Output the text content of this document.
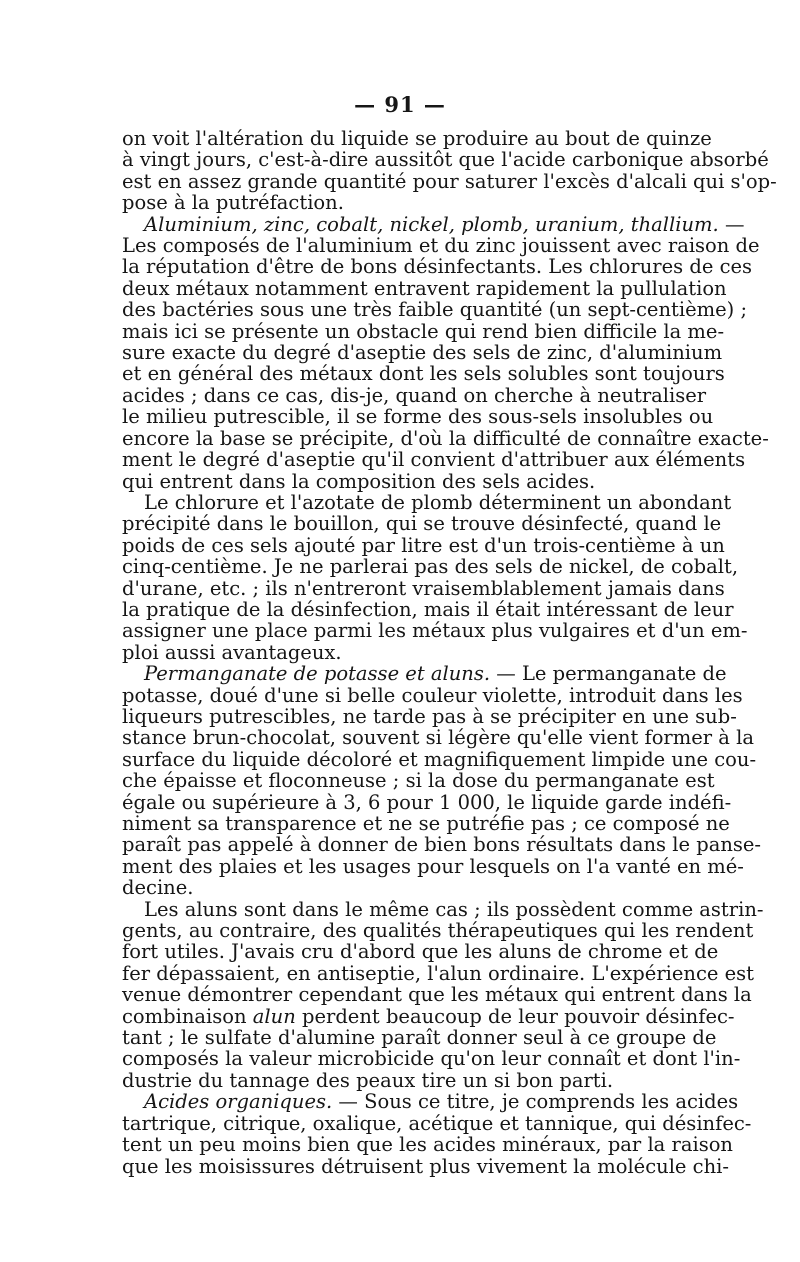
— 91 —
on voit l'altération du liquide se produire au bout de quinze
à vingt jours, c'est-à-dire aussitôt que l'acide carbonique absorbé
est en assez grande quantité pour saturer l'excès d'alcali qui s'op-
pose à la putréfaction.
Aluminium, zinc, cobalt, nickel, plomb, uranium, thallium. —
Les composés de l'aluminium et du zinc jouissent avec raison de
la réputation d'être de bons désinfectants. Les chlorures de ces
deux métaux notamment entravent rapidement la pullulation
des bactéries sous une très faible quantité (un sept-centième) ;
mais ici se présente un obstacle qui rend bien difficile la me-
sure exacte du degré d'aseptie des sels de zinc, d'aluminium
et en général des métaux dont les sels solubles sont toujours
acides ; dans ce cas, dis-je, quand on cherche à neutraliser
le milieu putrescible, il se forme des sous-sels insolubles ou
encore la base se précipite, d'où la difficulté de connaître exacte-
ment le degré d'aseptie qu'il convient d'attribuer aux éléments
qui entrent dans la composition des sels acides.
Le chlorure et l'azotate de plomb déterminent un abondant
précipité dans le bouillon, qui se trouve désinfecté, quand le
poids de ces sels ajouté par litre est d'un trois-centième à un
cinq-centième. Je ne parlerai pas des sels de nickel, de cobalt,
d'urane, etc. ; ils n'entreront vraisemblablement jamais dans
la pratique de la désinfection, mais il était intéressant de leur
assigner une place parmi les métaux plus vulgaires et d'un em-
ploi aussi avantageux.
Permanganate de potasse et aluns. — Le permanganate de
potasse, doué d'une si belle couleur violette, introduit dans les
liqueurs putrescibles, ne tarde pas à se précipiter en une sub-
stance brun-chocolat, souvent si légère qu'elle vient former à la
surface du liquide décoloré et magnifiquement limpide une cou-
che épaisse et floconneuse ; si la dose du permanganate est
égale ou supérieure à 3, 6 pour 1 000, le liquide garde indéfi-
niment sa transparence et ne se putréfie pas ; ce composé ne
paraît pas appelé à donner de bien bons résultats dans le panse-
ment des plaies et les usages pour lesquels on l'a vanté en mé-
decine.
Les aluns sont dans le même cas ; ils possèdent comme astrin-
gents, au contraire, des qualités thérapeutiques qui les rendent
fort utiles. J'avais cru d'abord que les aluns de chrome et de
fer dépassaient, en antiseptie, l'alun ordinaire. L'expérience est
venue démontrer cependant que les métaux qui entrent dans la
combinaison alun perdent beaucoup de leur pouvoir désinfec-
tant ; le sulfate d'alumine paraît donner seul à ce groupe de
composés la valeur microbicide qu'on leur connaît et dont l'in-
dustrie du tannage des peaux tire un si bon parti.
Acides organiques. — Sous ce titre, je comprends les acides
tartrique, citrique, oxalique, acétique et tannique, qui désinfec-
tent un peu moins bien que les acides minéraux, par la raison
que les moisissures détruisent plus vivement la molécule chi-
